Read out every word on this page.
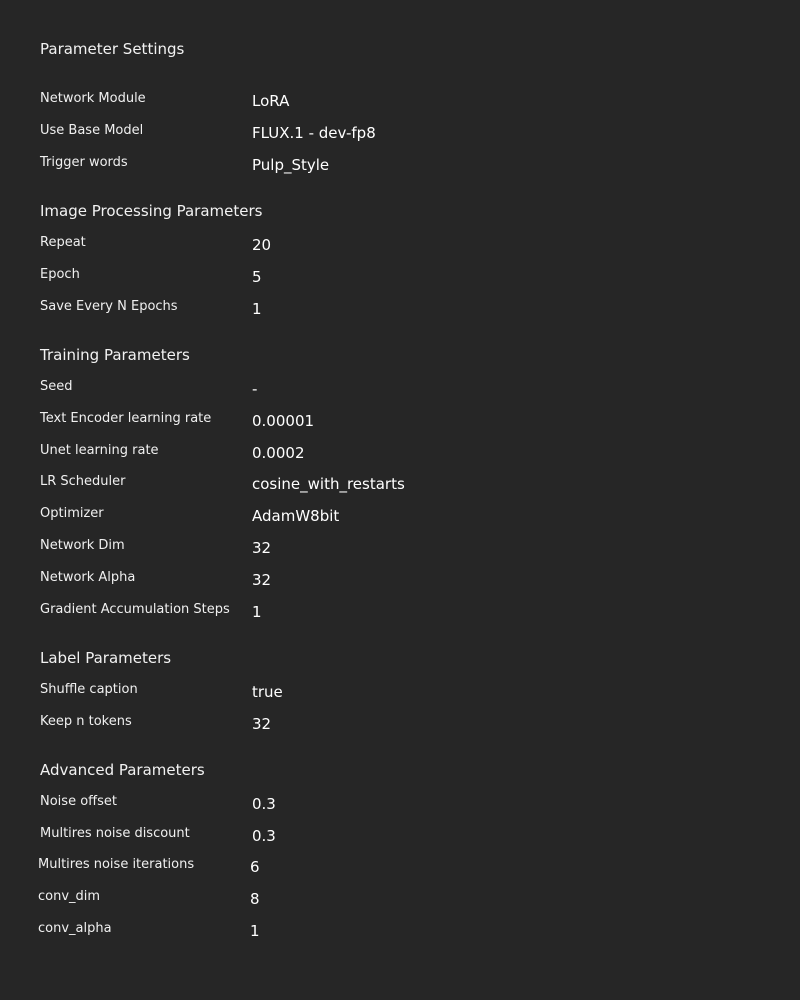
Parameter Settings
Network Module	LoRA
Use Base Model	FLUX.1 - dev-fp8
Trigger words	Pulp_Style
Image Processing Parameters
Repeat	20
Epoch	5
Save Every N Epochs	1
Training Parameters
Seed	-
Text Encoder learning rate	0.00001
Unet learning rate	0.0002
LR Scheduler	cosine_with_restarts
Optimizer	AdamW8bit
Network Dim	32
Network Alpha	32
Gradient Accumulation Steps 1
Label Parameters
Shuffle caption	true
Keep n tokens	32
Advanced Parameters
Noise offset	0.3
Multires noise discount	0.3
Multires noise iterations	6
conv_dim	8
conv_alpha	1
